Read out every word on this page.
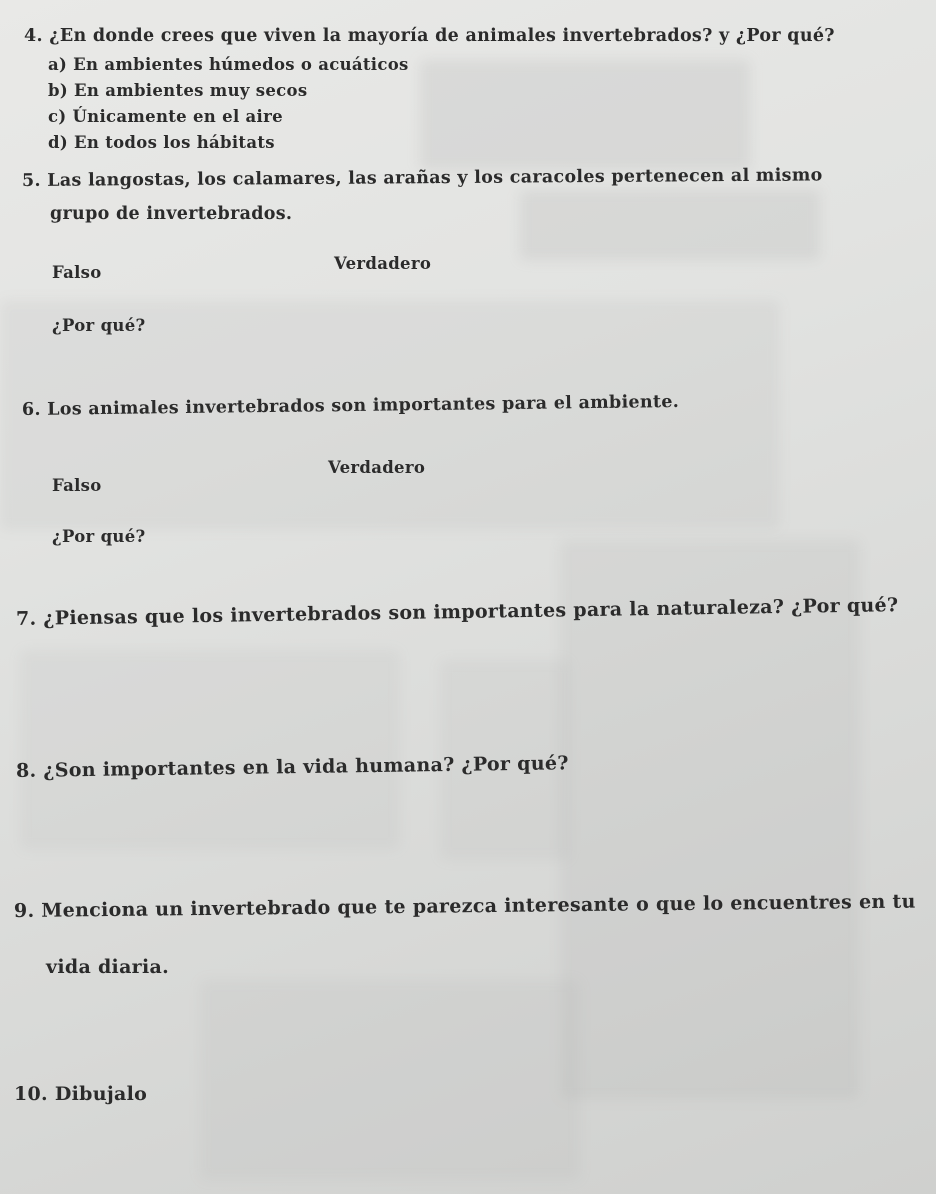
4. ¿En donde crees que viven la mayoría de animales invertebrados? y ¿Por qué?
a) En ambientes húmedos o acuáticos
b) En ambientes muy secos
c) Únicamente en el aire
d) En todos los hábitats
5. Las langostas, los calamares, las arañas y los caracoles pertenecen al mismo
grupo de invertebrados.
Falso	Verdadero
¿Por qué?
6. Los animales invertebrados son importantes para el ambiente.
Falso
Verdadero
¿Por qué?
7. ¿Piensas que los invertebrados son importantes para la naturaleza? ¿Por qué?
8. ¿Son importantes en la vida humana? ¿Por qué?
9. Menciona un invertebrado que te parezca interesante o que lo encuentres en tu
vida diaria.
10. Dibujalo
